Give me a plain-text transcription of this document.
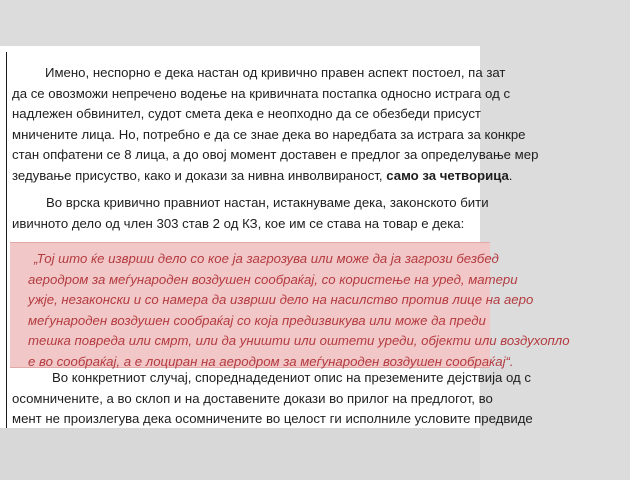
Имено, неспорно е дека настан од кривично правен аспект постоел, па зат
да се овозможи непречено водење на кривичната постапка односно истрага од с
надлежен обвинител, судот смета дека е неопходно да се обезбеди присуст
мничените лица. Но, потребно е да се знае дека во наредбата за истрага за конкре
стан опфатени се 8 лица, а до овој момент доставен е предлог за определување мер
зедување присуство, како и докази за нивна инволвираност, само за четворица.
Во врска кривично правниот настан, истакнуваме дека, законското бити
ивичното дело од член 303 став 2 од КЗ, кое им се става на товар е дека:
„Тој што ќе изврши дело со кое ја загрозува или може да ја загрози безбед
аеродром за меѓународен воздушен сообраќај, со користење на уред, матери
ужје, незаконски и со намера да изврши дело на насилство против лице на аеро
меѓународен воздушен сообраќај со која предизвикува или може да преди
тешка повреда или смрт, или да уништи или оштети уреди, објекти или воздухопло
е во сообраќај, а е лоциран на аеродром за меѓународен воздушен сообраќај“.
Во конкретниот случај, спореднадедениот опис на преземените дејствија од с
осомничените, а во склоп и на доставените докази во прилог на предлогот, во
мент не произлегува дека осомничените во целост ги исполниле условите предвиде
